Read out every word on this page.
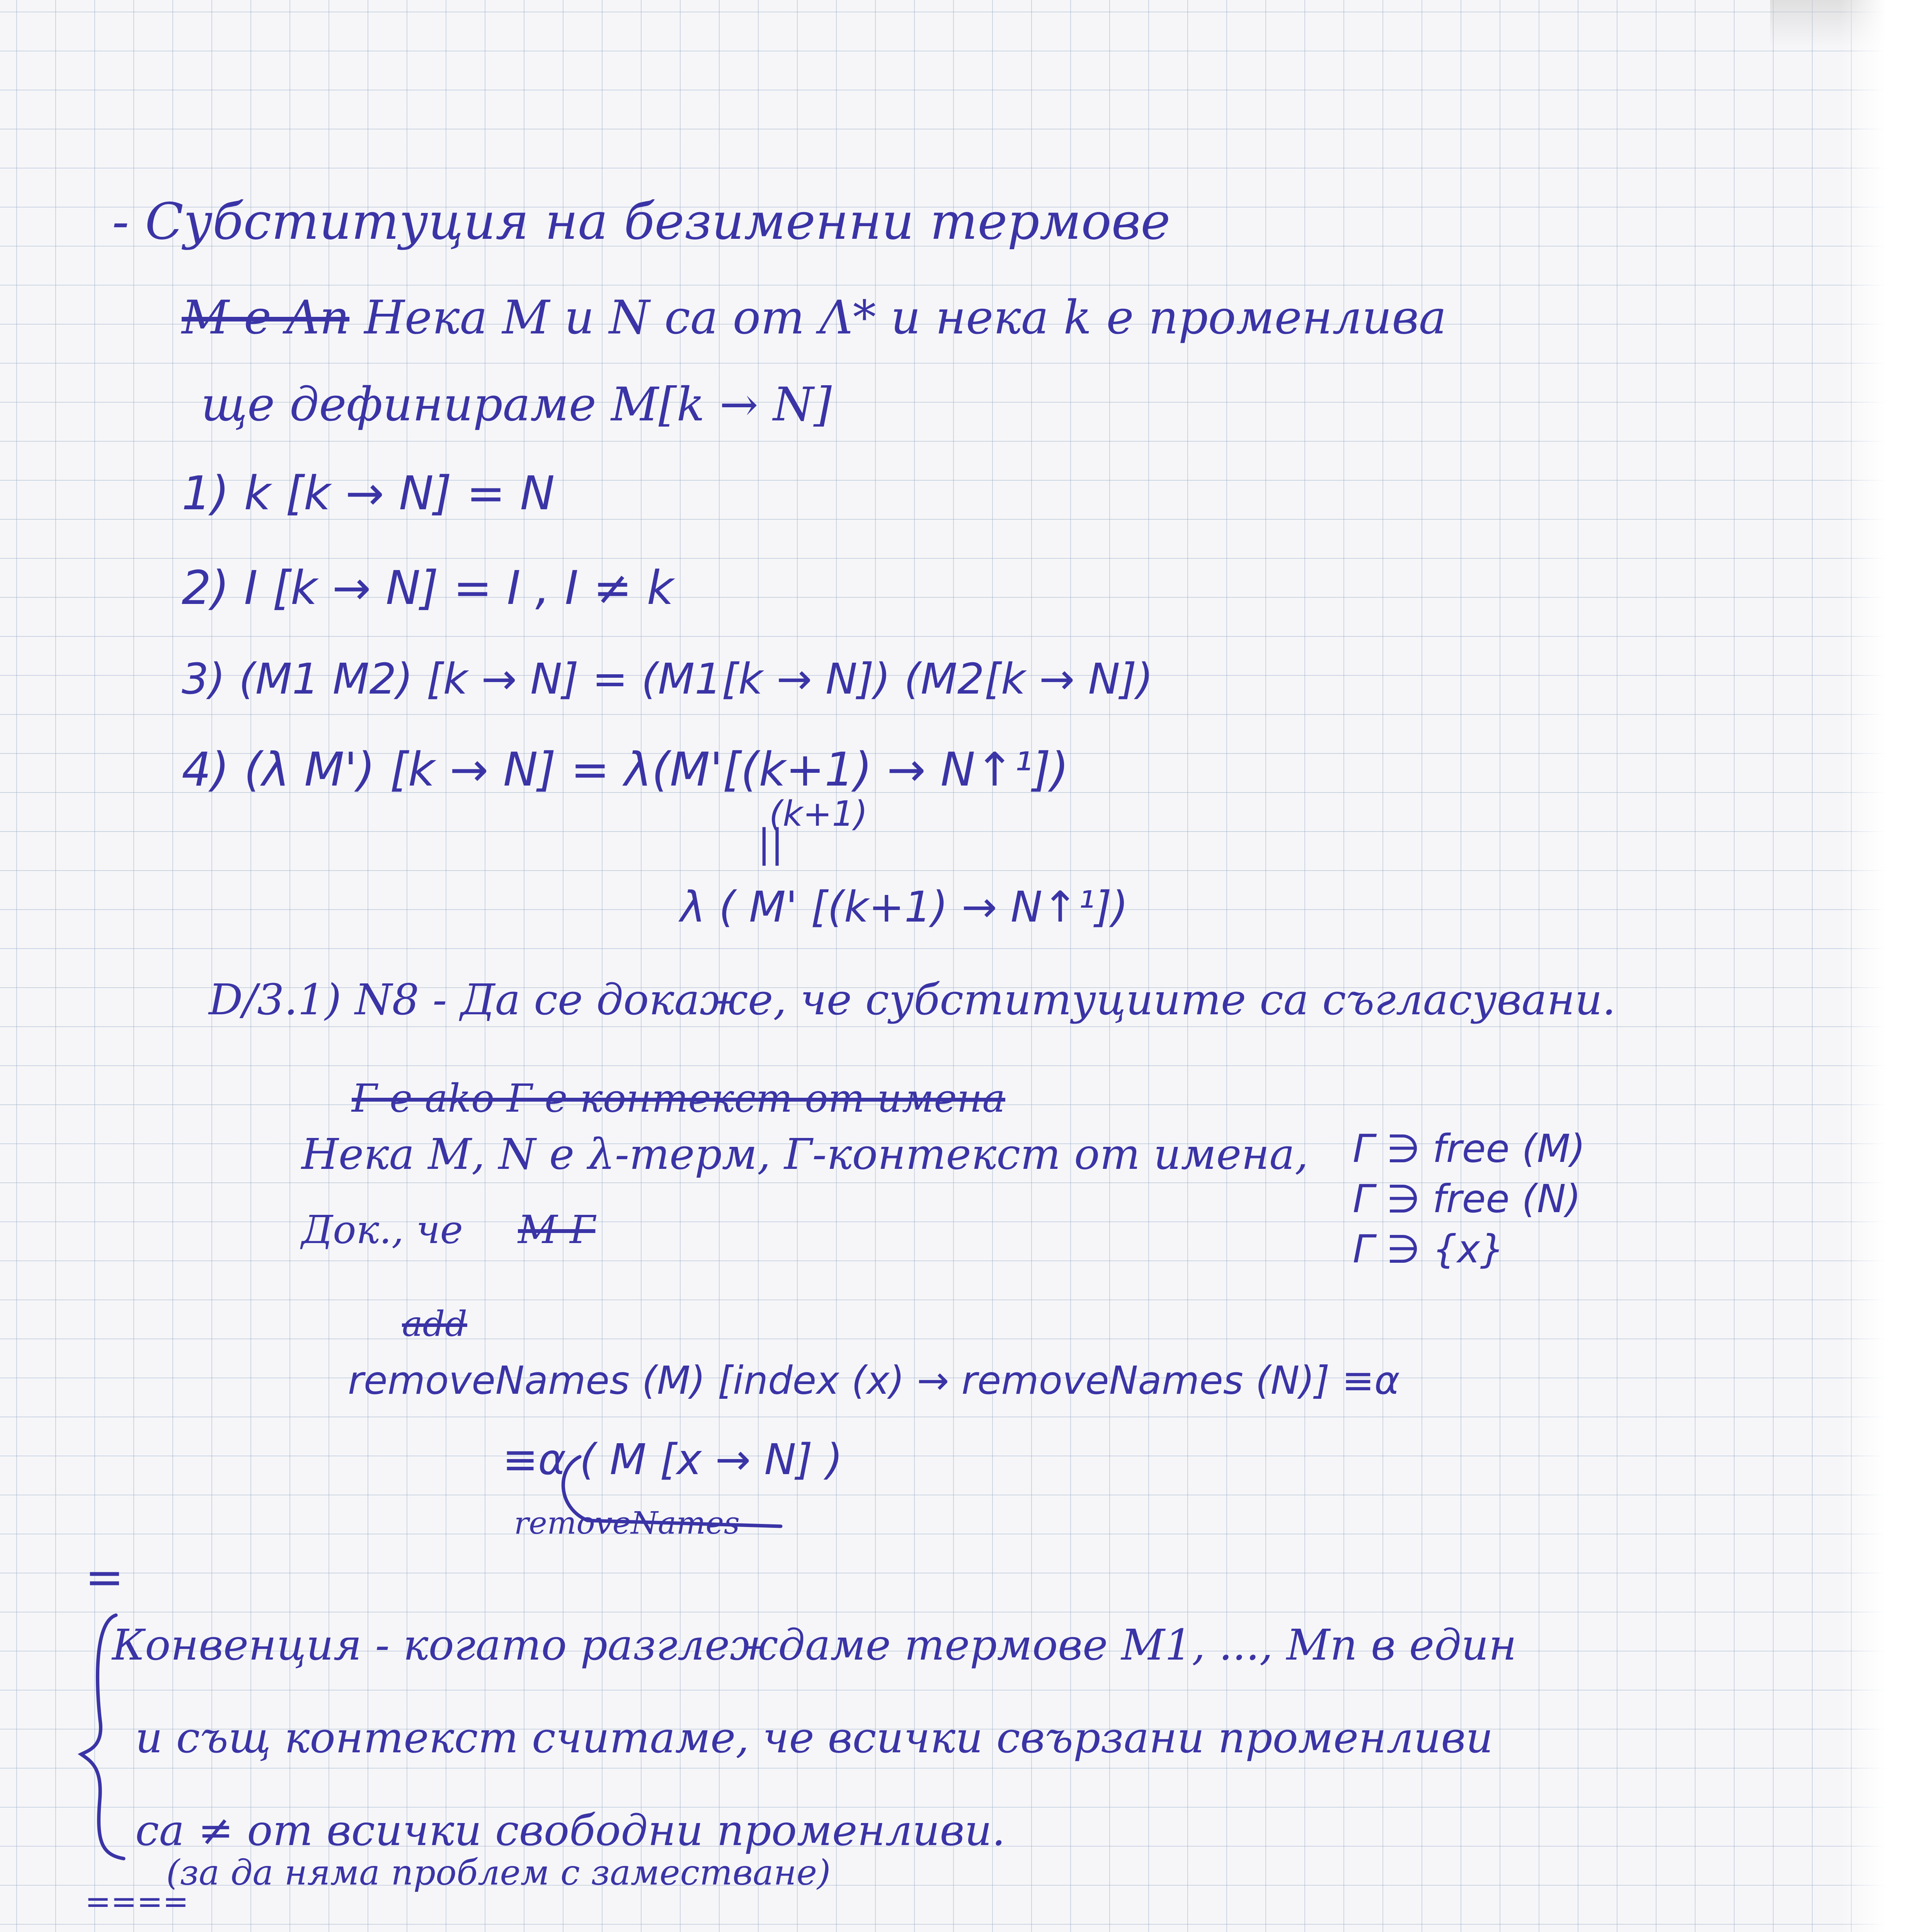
- Субституция на безименни термове
M e Λn Нека M и N са от Λ* и нека k е променлива
ще дефинираме M[k → N]
1) k [k → N] = N
2) I [k → N] = I , I ≠ k
3) (M1 M2) [k → N] = (M1[k → N]) (M2[k → N])
4) (λ M') [k → N] = λ(M'[(k+1) → N↑¹])
(k+1)
||
λ ( M' [(k+1) → N↑¹])
D/3.1) N8 - Да се докаже, че субституциите са съгласувани.
Г e ako Г е контекст от имена
Нека M, N е λ-терм, Г-контекст от имена, Г ∋ free (M)
Г ∋ free (N)
Г ∋ {x}
Док., че M Г
add
removeNames (M) [index (x) → removeNames (N)] ≡α
≡α ( M [x → N] )
removeNames
=
Конвенция - когато разглеждаме термове M1, ..., Mn в един
и същ контекст считаме, че всички свързани променливи
са ≠ от всички свободни променливи.
(за да нямa проблем с заместване)
====
